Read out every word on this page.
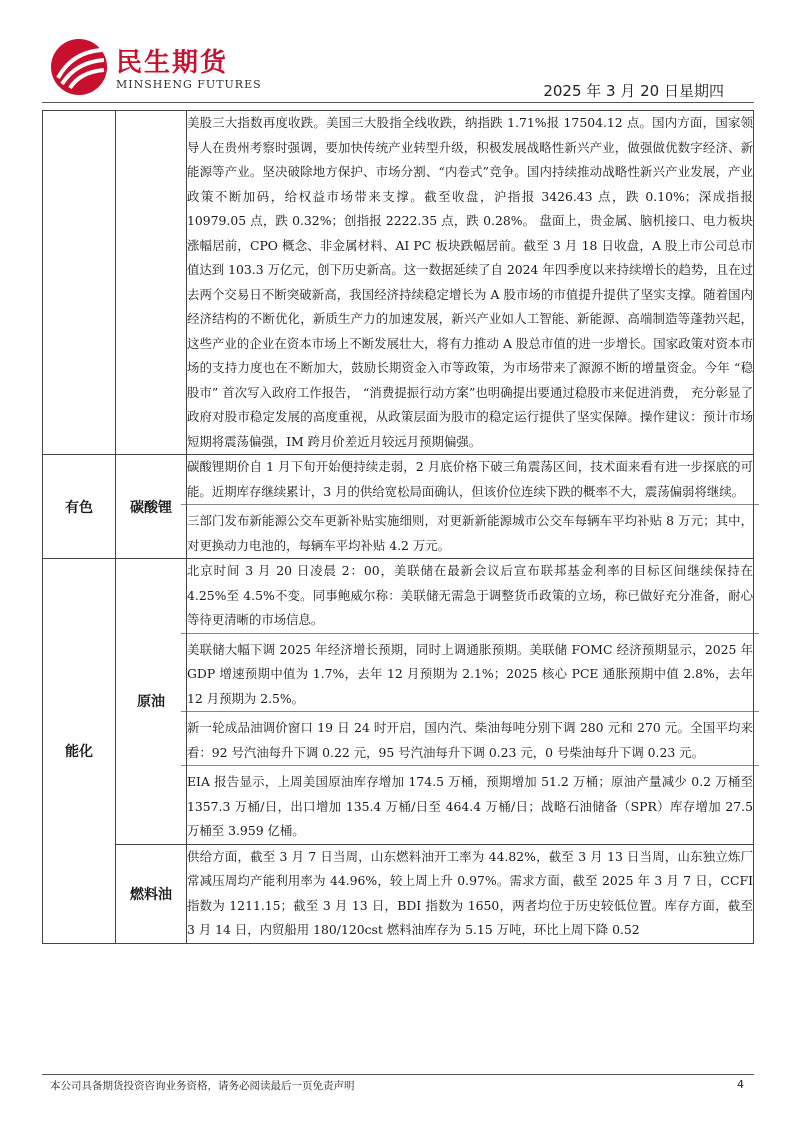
民生期货
MINSHENG FUTURES	2025 年 3 月 20 日星期四

		美股三大指数再度收跌。美国三大股指全线收跌，纳指跌 1.71%报 17504.12 点。国内方面，国家领导人在贵州考察时强调，要加快传统产业转型升级，积极发展战略性新兴产业，做强做优数字经济、新能源等产业。坚决破除地方保护、市场分割、“内卷式”竞争。国内持续推动战略性新兴产业发展，产业政策不断加码，给权益市场带来支撑。截至收盘，沪指报 3426.43 点，跌 0.10%；深成指报 10979.05 点，跌 0.32%；创指报 2222.35 点，跌 0.28%。 盘面上，贵金属、脑机接口、电力板块涨幅居前，CPO 概念、非金属材料、AI PC 板块跌幅居前。截至 3 月 18 日收盘，A 股上市公司总市值达到 103.3 万亿元，创下历史新高。这一数据延续了自 2024 年四季度以来持续增长的趋势，且在过去两个交易日不断突破新高，我国经济持续稳定增长为 A 股市场的市值提升提供了坚实支撑。随着国内经济结构的不断优化，新质生产力的加速发展，新兴产业如人工智能、新能源、高端制造等蓬勃兴起，这些产业的企业在资本市场上不断发展壮大，将有力推动 A 股总市值的进一步增长。国家政策对资本市场的支持力度也在不断加大，鼓励长期资金入市等政策，为市场带来了源源不断的增量资金。今年 “稳股市” 首次写入政府工作报告， “消费提振行动方案”也明确提出要通过稳股市来促进消费， 充分彰显了政府对股市稳定发展的高度重视，从政策层面为股市的稳定运行提供了坚实保障。操作建议：预计市场短期将震荡偏强，IM 跨月价差近月较远月预期偏强。

有色	碳酸锂	碳酸锂期价自 1 月下旬开始便持续走弱，2 月底价格下破三角震荡区间，技术面来看有进一步探底的可能。近期库存继续累计，3 月的供给宽松局面确认，但该价位连续下跌的概率不大，震荡偏弱将继续。

三部门发布新能源公交车更新补贴实施细则，对更新新能源城市公交车每辆车平均补贴 8 万元；其中，对更换动力电池的，每辆车平均补贴 4.2 万元。

能化	原油	北京时间 3 月 20 日凌晨 2：00，美联储在最新会议后宣布联邦基金利率的目标区间继续保持在 4.25%至 4.5%不变。同事鲍威尔称：美联储无需急于调整货币政策的立场，称已做好充分准备，耐心等待更清晰的市场信息。

美联储大幅下调 2025 年经济增长预期，同时上调通胀预期。美联储 FOMC 经济预期显示，2025 年 GDP 增速预期中值为 1.7%，去年 12 月预期为 2.1%；2025 核心 PCE 通胀预期中值 2.8%，去年 12 月预期为 2.5%。

新一轮成品油调价窗口 19 日 24 时开启，国内汽、柴油每吨分别下调 280 元和 270 元。全国平均来看：92 号汽油每升下调 0.22 元，95 号汽油每升下调 0.23 元，0 号柴油每升下调 0.23 元。

EIA 报告显示，上周美国原油库存增加 174.5 万桶，预期增加 51.2 万桶；原油产量减少 0.2 万桶至 1357.3 万桶/日，出口增加 135.4 万桶/日至 464.4 万桶/日；战略石油储备（SPR）库存增加 27.5 万桶至 3.959 亿桶。

	燃料油	供给方面，截至 3 月 7 日当周，山东燃料油开工率为 44.82%，截至 3 月 13 日当周，山东独立炼厂常减压周均产能利用率为 44.96%，较上周上升 0.97%。需求方面，截至 2025 年 3 月 7 日，CCFI 指数为 1211.15；截至 3 月 13 日，BDI 指数为 1650，两者均位于历史较低位置。库存方面，截至 3 月 14 日，内贸船用 180/120cst 燃料油库存为 5.15 万吨，环比上周下降 0.52

本公司具备期货投资咨询业务资格，请务必阅读最后一页免责声明	4
